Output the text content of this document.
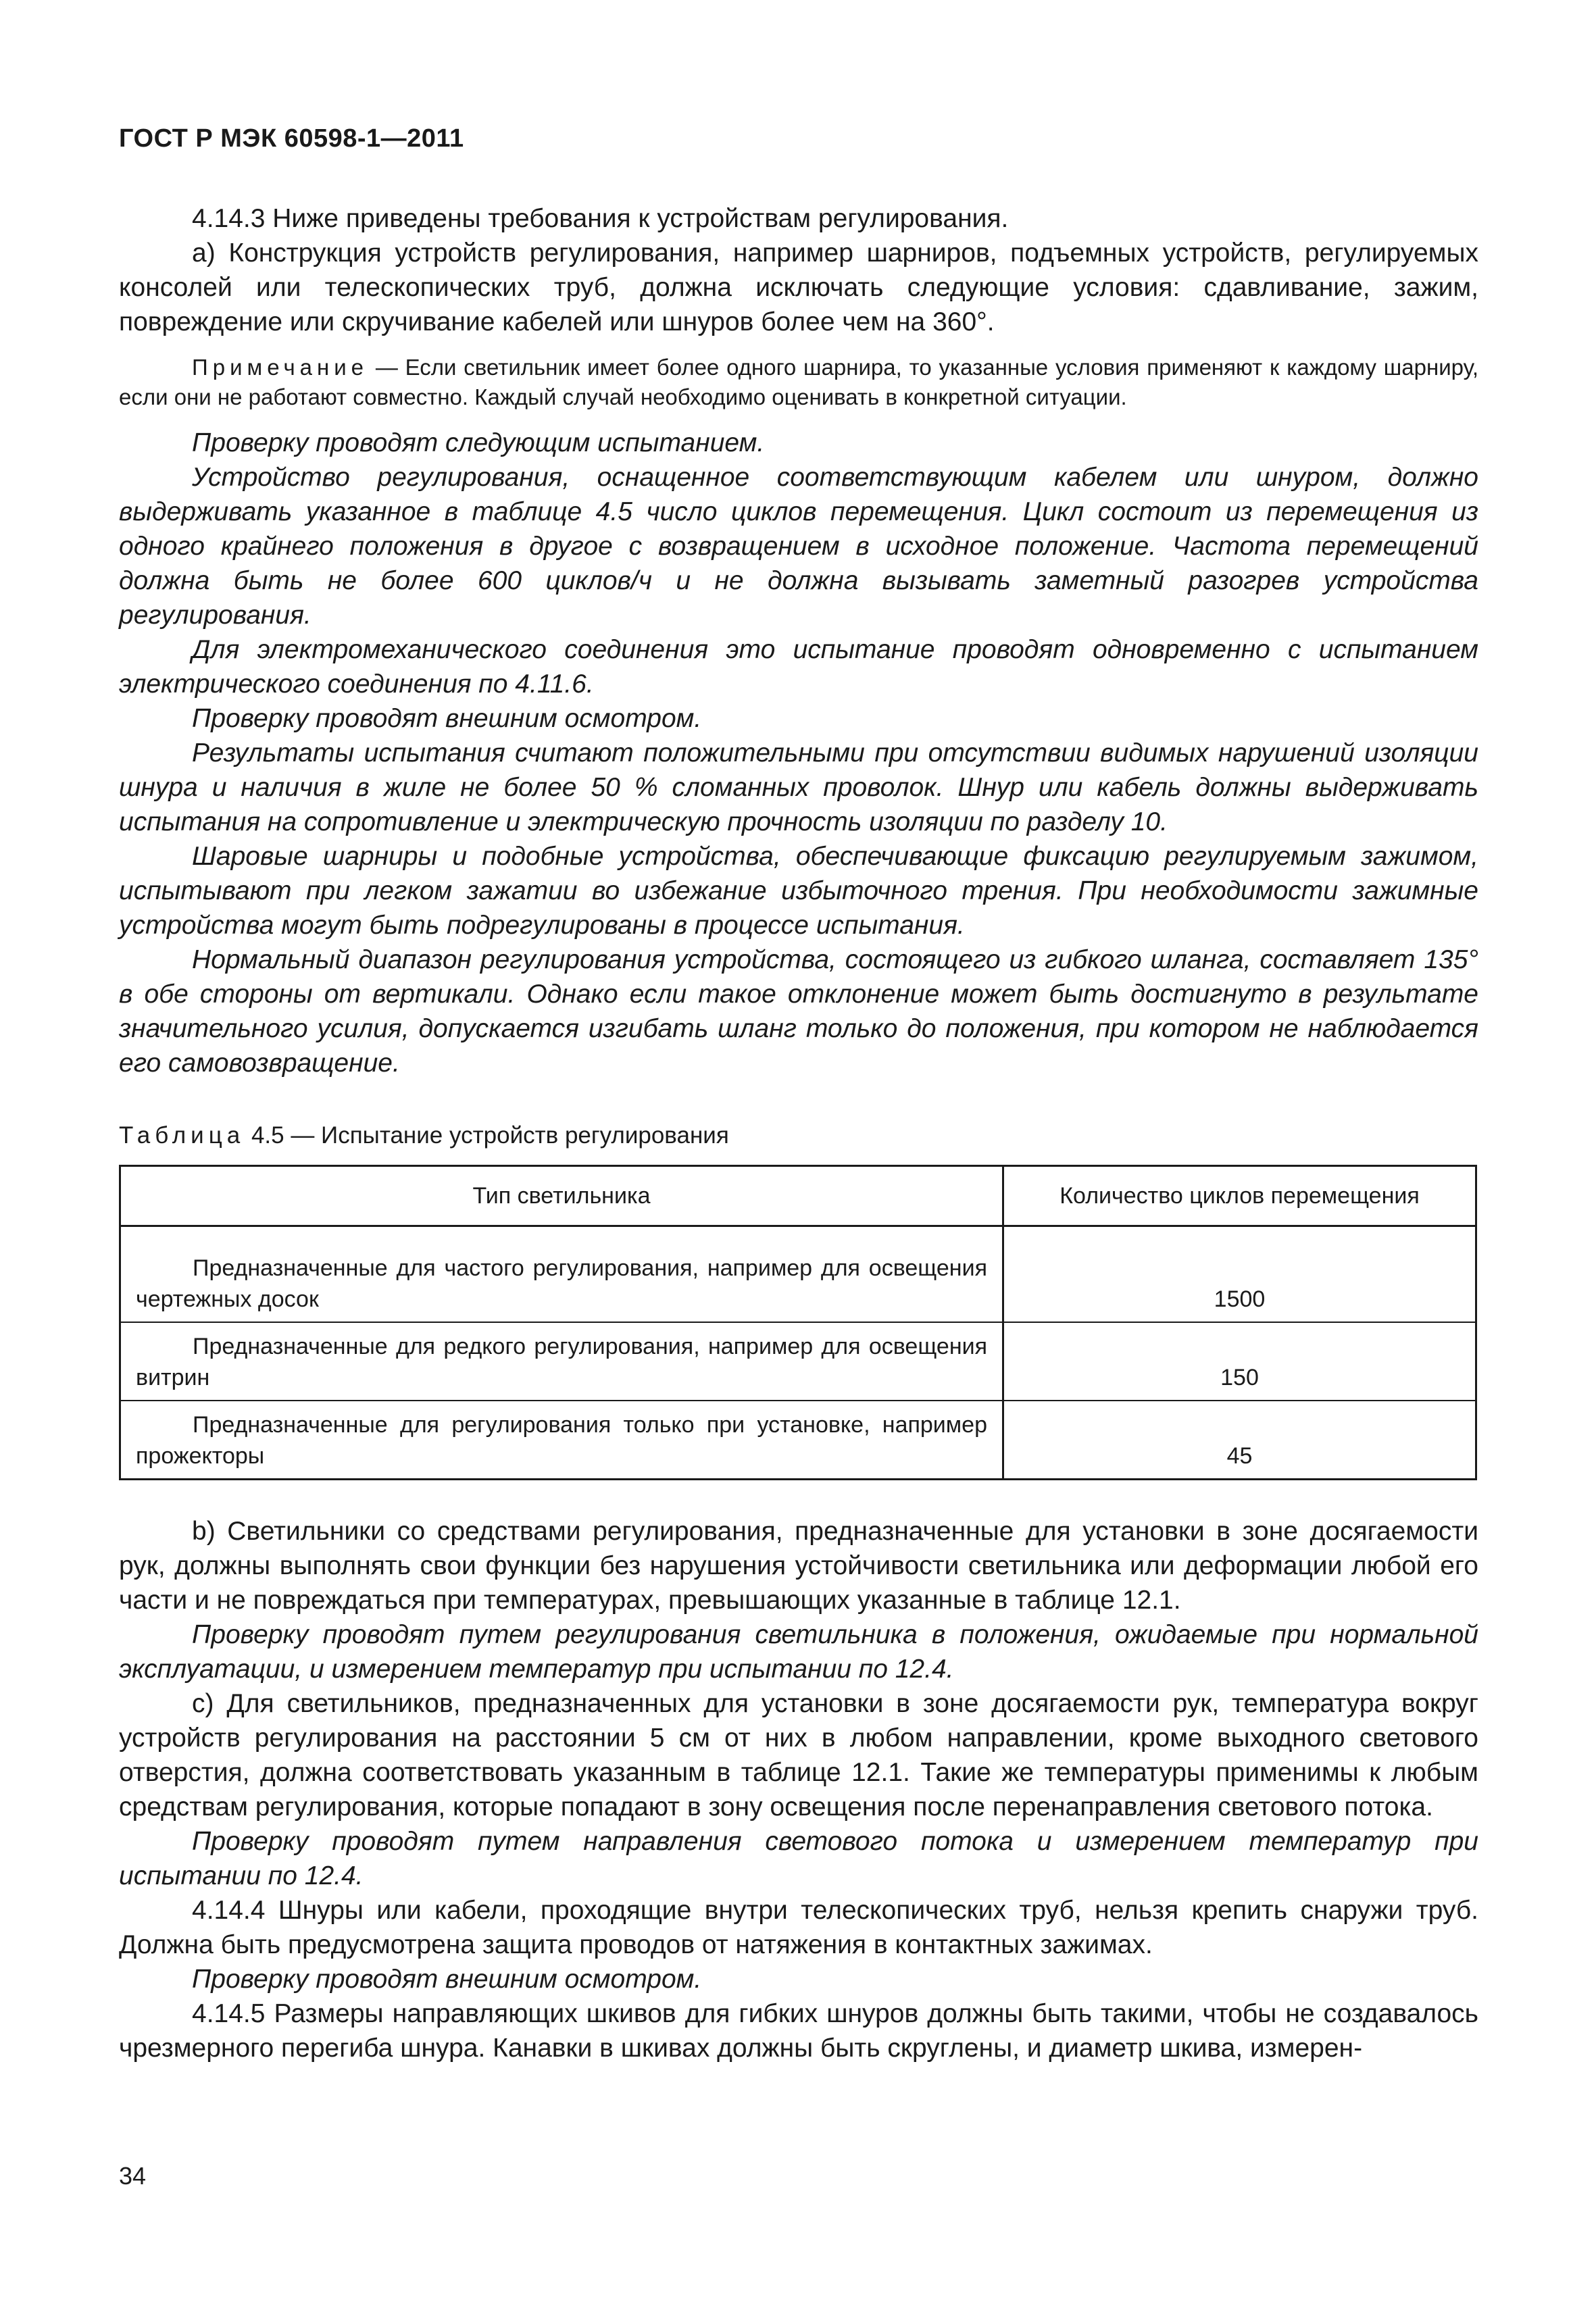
ГОСТ Р МЭК 60598-1—2011

4.14.3 Ниже приведены требования к устройствам регулирования.

a) Конструкция устройств регулирования, например шарниров, подъемных устройств, регулируемых консолей или телескопических труб, должна исключать следующие условия: сдавливание, зажим, повреждение или скручивание кабелей или шнуров более чем на 360°.

Примечание — Если светильник имеет более одного шарнира, то указанные условия применяют к каждому шарниру, если они не работают совместно. Каждый случай необходимо оценивать в конкретной ситуации.

Проверку проводят следующим испытанием.

Устройство регулирования, оснащенное соответствующим кабелем или шнуром, должно выдерживать указанное в таблице 4.5 число циклов перемещения. Цикл состоит из перемещения из одного крайнего положения в другое с возвращением в исходное положение. Частота перемещений должна быть не более 600 циклов/ч и не должна вызывать заметный разогрев устройства регулирования.

Для электромеханического соединения это испытание проводят одновременно с испытанием электрического соединения по 4.11.6.

Проверку проводят внешним осмотром.

Результаты испытания считают положительными при отсутствии видимых нарушений изоляции шнура и наличия в жиле не более 50 % сломанных проволок. Шнур или кабель должны выдерживать испытания на сопротивление и электрическую прочность изоляции по разделу 10.

Шаровые шарниры и подобные устройства, обеспечивающие фиксацию регулируемым зажимом, испытывают при легком зажатии во избежание избыточного трения. При необходимости зажимные устройства могут быть подрегулированы в процессе испытания.

Нормальный диапазон регулирования устройства, состоящего из гибкого шланга, составляет 135° в обе стороны от вертикали. Однако если такое отклонение может быть достигнуто в результате значительного усилия, допускается изгибать шланг только до положения, при котором не наблюдается его самовозвращение.

Таблица 4.5 — Испытание устройств регулирования

Тип светильника	Количество циклов перемещения

Предназначенные для частого регулирования, например для освещения чертежных досок	1500

Предназначенные для редкого регулирования, например для освещения витрин	150

Предназначенные для регулирования только при установке, например прожекторы	45

b) Светильники со средствами регулирования, предназначенные для установки в зоне досягаемости рук, должны выполнять свои функции без нарушения устойчивости светильника или деформации любой его части и не повреждаться при температурах, превышающих указанные в таблице 12.1.

Проверку проводят путем регулирования светильника в положения, ожидаемые при нормальной эксплуатации, и измерением температур при испытании по 12.4.

c) Для светильников, предназначенных для установки в зоне досягаемости рук, температура вокруг устройств регулирования на расстоянии 5 см от них в любом направлении, кроме выходного светового отверстия, должна соответствовать указанным в таблице 12.1. Такие же температуры применимы к любым средствам регулирования, которые попадают в зону освещения после перенаправления светового потока.

Проверку проводят путем направления светового потока и измерением температур при испытании по 12.4.

4.14.4 Шнуры или кабели, проходящие внутри телескопических труб, нельзя крепить снаружи труб. Должна быть предусмотрена защита проводов от натяжения в контактных зажимах.

Проверку проводят внешним осмотром.

4.14.5 Размеры направляющих шкивов для гибких шнуров должны быть такими, чтобы не создавалось чрезмерного перегиба шнура. Канавки в шкивах должны быть скруглены, и диаметр шкива, измерен-

34
